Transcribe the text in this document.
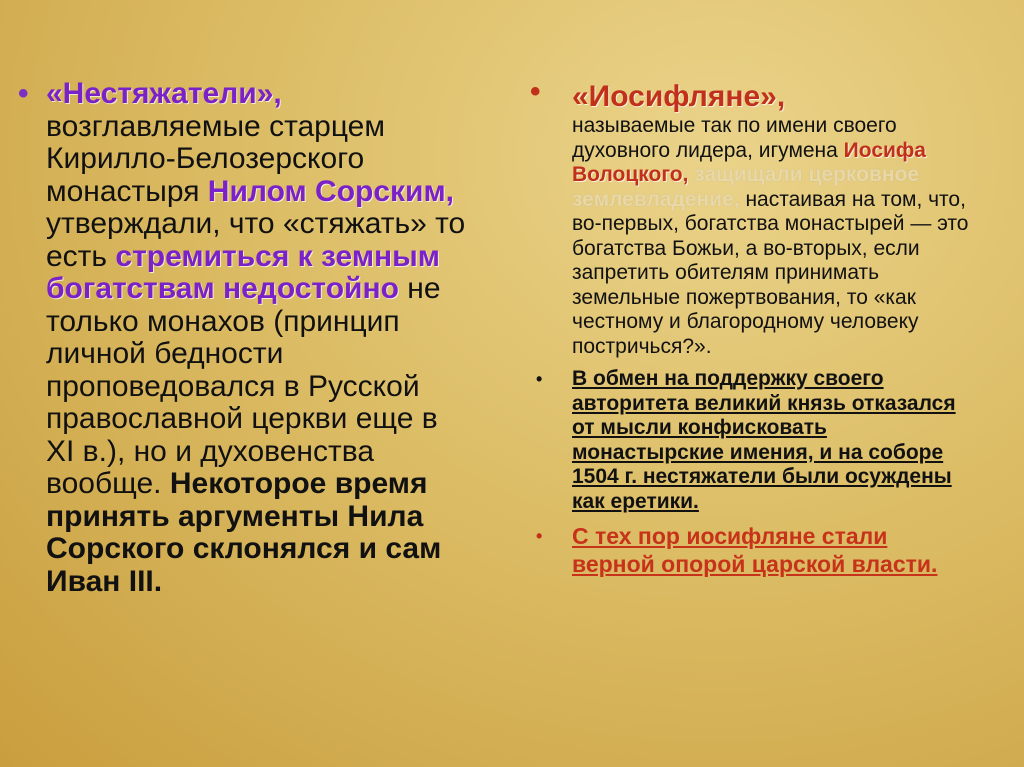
• «Нестяжатели», возглавляемые старцем Кирилло-Белозерского монастыря Нилом Сорским, утверждали, что «стяжать» то есть стремиться к земным богатствам недостойно не только монахов (принцип личной бедности проповедовался в Русской православной церкви еще в XI в.), но и духовенства вообще. Некоторое время принять аргументы Нила Сорского склонялся и сам Иван III.
• «Иосифляне»,
называемые так по имени своего духовного лидера, игумена Иосифа Волоцкого, защищали церковное землевладение, настаивая на том, что, во-первых, богатства монастырей — это богатства Божьи, а во-вторых, если запретить обителям принимать земельные пожертвования, то «как честному и благородному человеку постричься?».
• В обмен на поддержку своего авторитета великий князь отказался от мысли конфисковать монастырские имения, и на соборе 1504 г. нестяжатели были осуждены как еретики.
• С тех пор иосифляне стали верной опорой царской власти.
